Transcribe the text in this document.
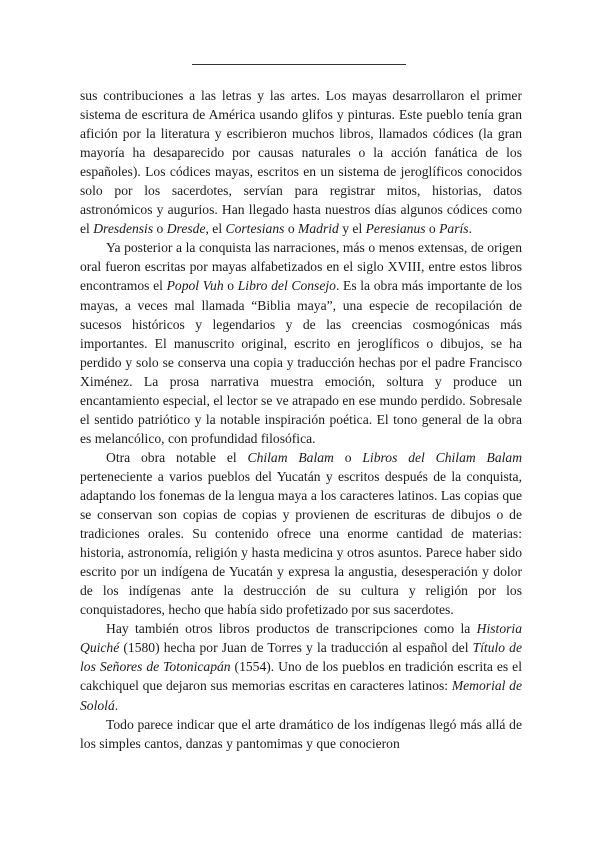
sus contribuciones a las letras y las artes. Los mayas desarrollaron el primer sistema de escritura de América usando glifos y pinturas. Este pueblo tenía gran afición por la literatura y escribieron muchos libros, llamados códices (la gran mayoría ha desaparecido por causas naturales o la acción fanática de los españoles). Los códices mayas, escritos en un sistema de jeroglíficos conocidos solo por los sacerdotes, servían para registrar mitos, historias, datos astronómicos y augurios. Han llegado hasta nuestros días algunos códices como el Dresdensis o Dresde, el Cortesians o Madrid y el Peresianus o París.

Ya posterior a la conquista las narraciones, más o menos extensas, de origen oral fueron escritas por mayas alfabetizados en el siglo XVIII, entre estos libros encontramos el Popol Vuh o Libro del Consejo. Es la obra más importante de los mayas, a veces mal llamada “Biblia maya”, una especie de recopilación de sucesos históricos y legendarios y de las creencias cosmogónicas más importantes. El manuscrito original, escrito en jeroglíficos o dibujos, se ha perdido y solo se conserva una copia y traducción hechas por el padre Francisco Ximénez. La prosa narrativa muestra emoción, soltura y produce un encantamiento especial, el lector se ve atrapado en ese mundo perdido. Sobresale el sentido patriótico y la notable inspiración poética. El tono general de la obra es melancólico, con profundidad filosófica.

Otra obra notable el Chilam Balam o Libros del Chilam Balam perteneciente a varios pueblos del Yucatán y escritos después de la conquista, adaptando los fonemas de la lengua maya a los caracteres latinos. Las copias que se conservan son copias de copias y provienen de escrituras de dibujos o de tradiciones orales. Su contenido ofrece una enorme cantidad de materias: historia, astronomía, religión y hasta medicina y otros asuntos. Parece haber sido escrito por un indígena de Yucatán y expresa la angustia, desesperación y dolor de los indígenas ante la destrucción de su cultura y religión por los conquistadores, hecho que había sido profetizado por sus sacerdotes.

Hay también otros libros productos de transcripciones como la Historia Quiché (1580) hecha por Juan de Torres y la traducción al español del Título de los Señores de Totonicapán (1554). Uno de los pueblos en tradición escrita es el cakchiquel que dejaron sus memorias escritas en caracteres latinos: Memorial de Sololá.

Todo parece indicar que el arte dramático de los indígenas llegó más allá de los simples cantos, danzas y pantomimas y que conocieron
